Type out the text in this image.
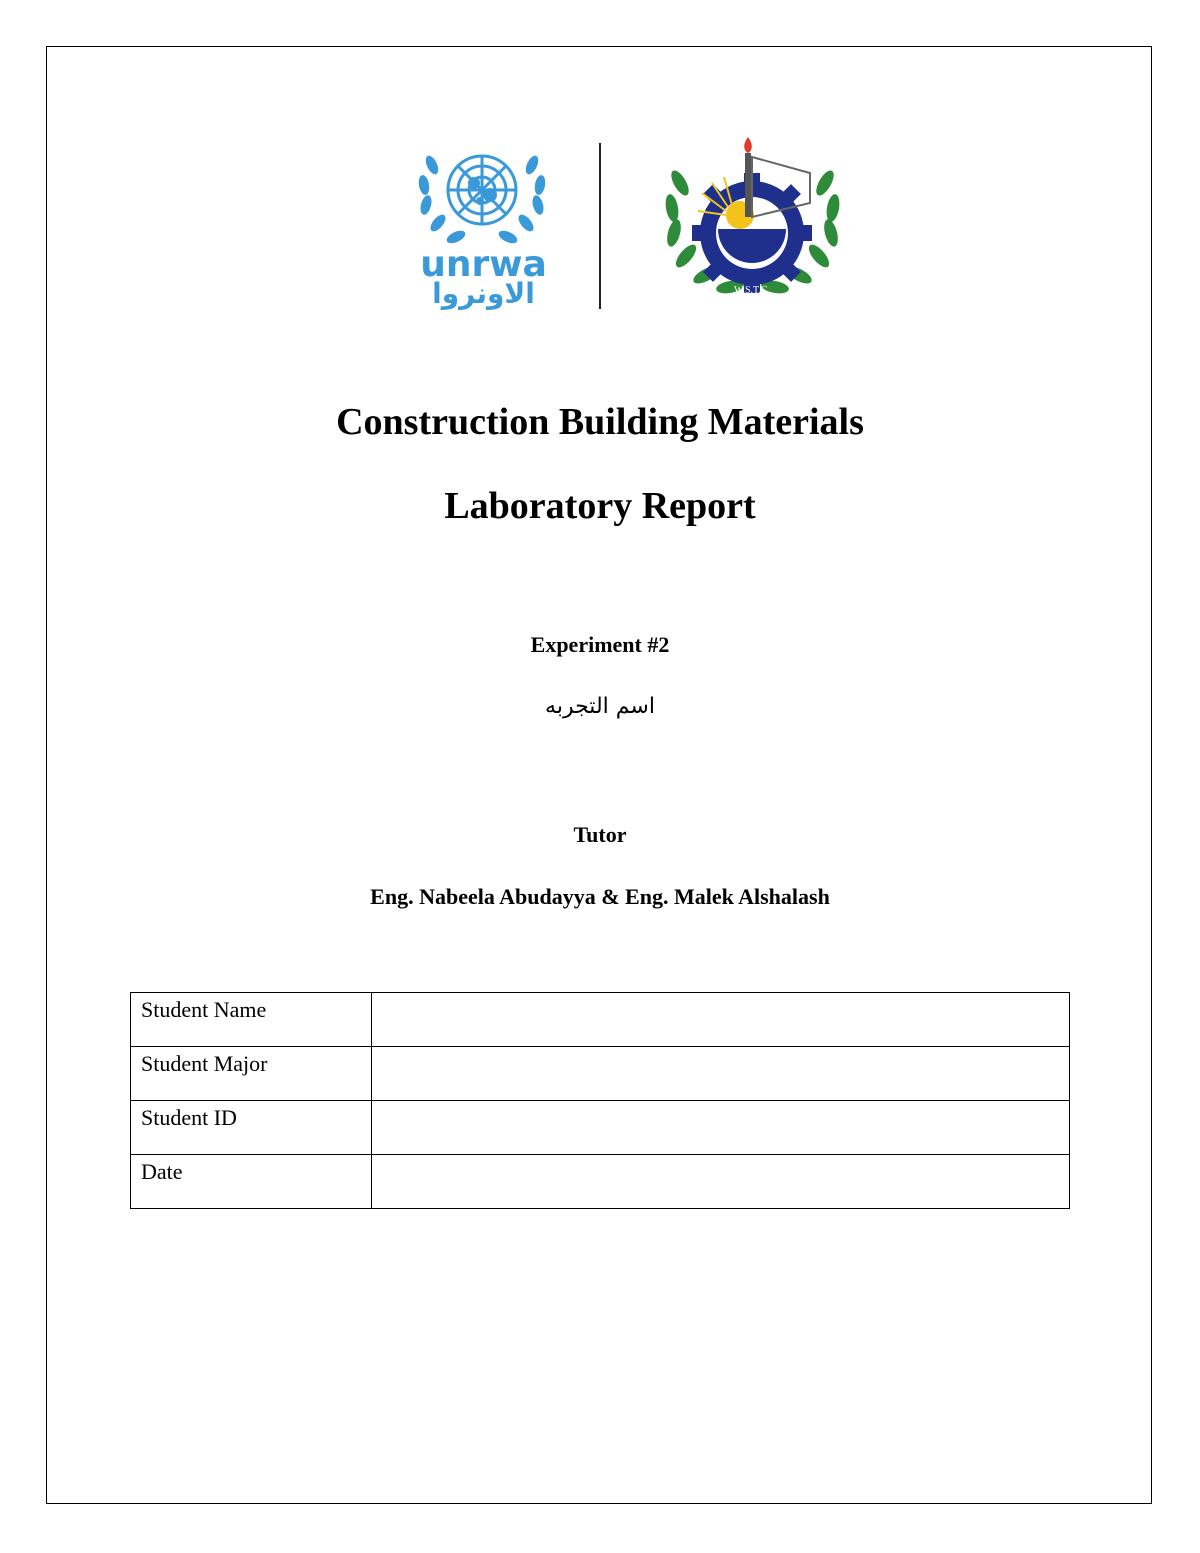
unrwa
الاونروا	W.S.T.C.
Construction Building Materials
Laboratory Report
Experiment #2
اسم التجربه
Tutor
Eng. Nabeela Abudayya & Eng. Malek Alshalash
Student Name	
Student Major	
Student ID	
Date	
